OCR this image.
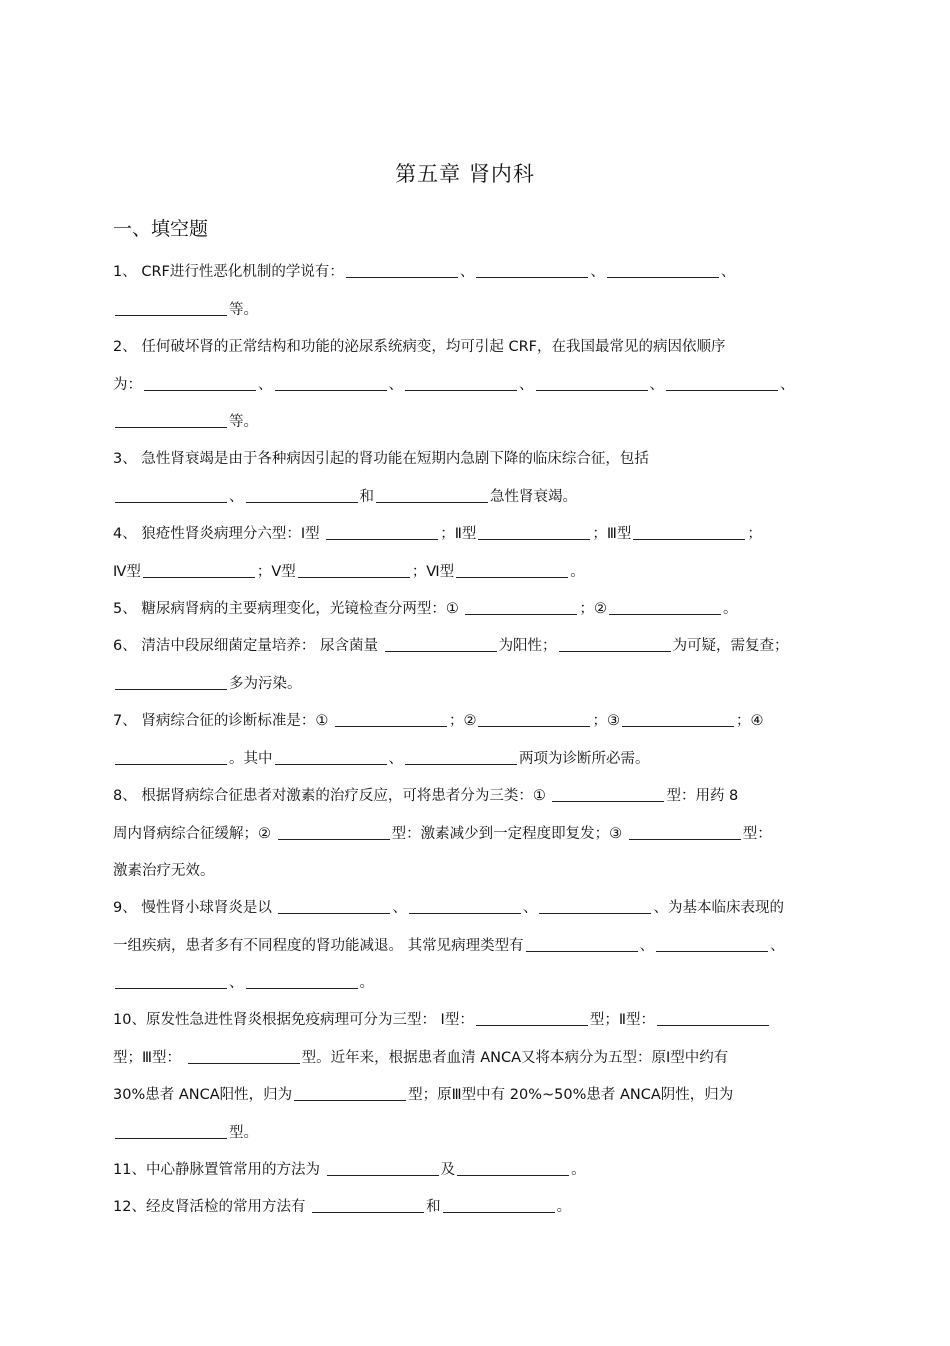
第五章 肾内科
一、填空题
1、 CRF进行性恶化机制的学说有：	、	、	、
等。
2、 任何破坏肾的正常结构和功能的泌尿系统病变，均可引起 CRF，在我国最常见的病因依顺序
为：	、	、	、	、	、
等。
3、 急性肾衰竭是由于各种病因引起的肾功能在短期内急剧下降的临床综合征，包括
、	和	急性肾衰竭。
4、 狼疮性肾炎病理分六型：Ⅰ型	；Ⅱ型	；Ⅲ型	；
Ⅳ型	；Ⅴ型	；Ⅵ型	。
5、 糖尿病肾病的主要病理变化，光镜检查分两型：①	；②	。
6、 清洁中段尿细菌定量培养： 尿含菌量	为阳性；	为可疑，需复查；
多为污染。
7、 肾病综合征的诊断标准是：①	；②	；③	；④
。其中	、	两项为诊断所必需。
8、 根据肾病综合征患者对激素的治疗反应，可将患者分为三类：①	型：用药 8
周内肾病综合征缓解；②	型：激素减少到一定程度即复发；③	型：
激素治疗无效。
9、 慢性肾小球肾炎是以	、	、	、为基本临床表现的
一组疾病，患者多有不同程度的肾功能减退。 其常见病理类型有	、	、
、	。
10、原发性急进性肾炎根据免疫病理可分为三型： Ⅰ型：	型；Ⅱ型：
型；Ⅲ型：	型。近年来，根据患者血清 ANCA又将本病分为五型：原Ⅰ型中约有
30%患者 ANCA阳性，归为	型；原Ⅲ型中有 20%~50%患者 ANCA阴性，归为
型。
11、中心静脉置管常用的方法为	及	。
12、经皮肾活检的常用方法有	和	。
